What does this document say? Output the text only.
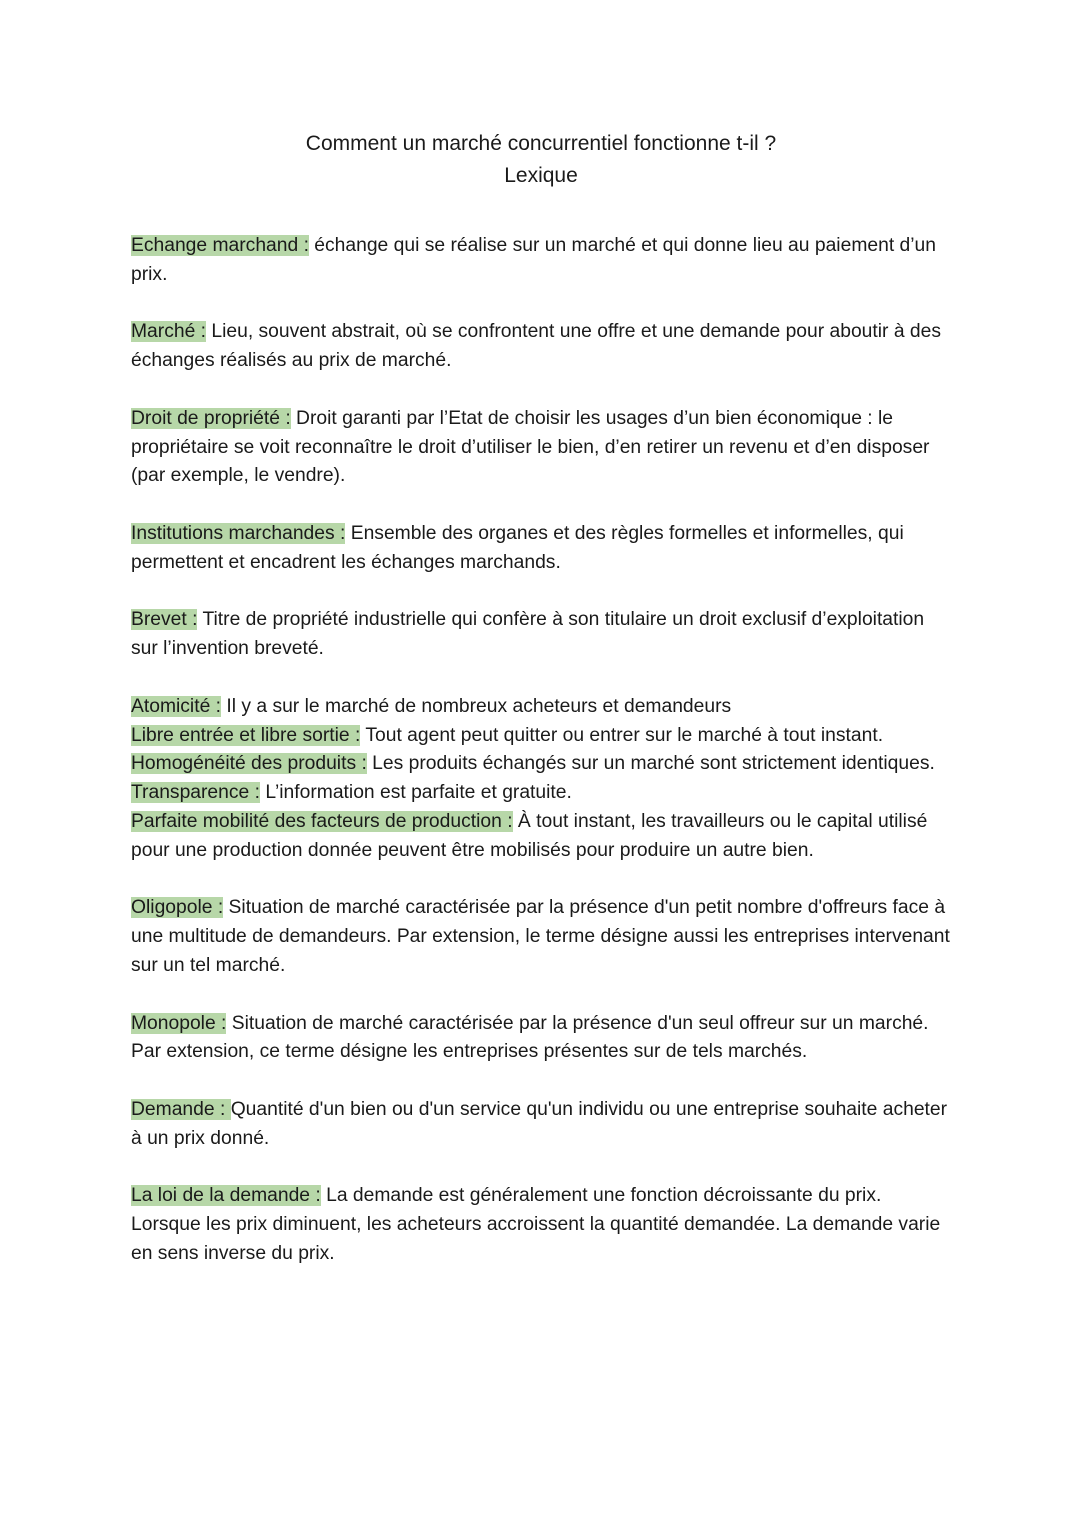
Comment un marché concurrentiel fonctionne t-il ?
Lexique

Echange marchand : échange qui se réalise sur un marché et qui donne lieu au paiement d’un prix.

Marché : Lieu, souvent abstrait, où se confrontent une offre et une demande pour aboutir à des échanges réalisés au prix de marché.

Droit de propriété : Droit garanti par l’Etat de choisir les usages d’un bien économique : le propriétaire se voit reconnaître le droit d’utiliser le bien, d’en retirer un revenu et d’en disposer (par exemple, le vendre).

Institutions marchandes : Ensemble des organes et des règles formelles et informelles, qui permettent et encadrent les échanges marchands.

Brevet : Titre de propriété industrielle qui confère à son titulaire un droit exclusif d’exploitation sur l’invention breveté.

Atomicité : Il y a sur le marché de nombreux acheteurs et demandeurs

Libre entrée et libre sortie : Tout agent peut quitter ou entrer sur le marché à tout instant.

Homogénéité des produits : Les produits échangés sur un marché sont strictement identiques.

Transparence : L’information est parfaite et gratuite.

Parfaite mobilité des facteurs de production : À tout instant, les travailleurs ou le capital utilisé pour une production donnée peuvent être mobilisés pour produire un autre bien.

Oligopole : Situation de marché caractérisée par la présence d'un petit nombre d'offreurs face à une multitude de demandeurs. Par extension, le terme désigne aussi les entreprises intervenant sur un tel marché.

Monopole : Situation de marché caractérisée par la présence d'un seul offreur sur un marché. Par extension, ce terme désigne les entreprises présentes sur de tels marchés.

Demande : Quantité d'un bien ou d'un service qu'un individu ou une entreprise souhaite acheter à un prix donné.

La loi de la demande : La demande est généralement une fonction décroissante du prix. Lorsque les prix diminuent, les acheteurs accroissent la quantité demandée. La demande varie en sens inverse du prix.
